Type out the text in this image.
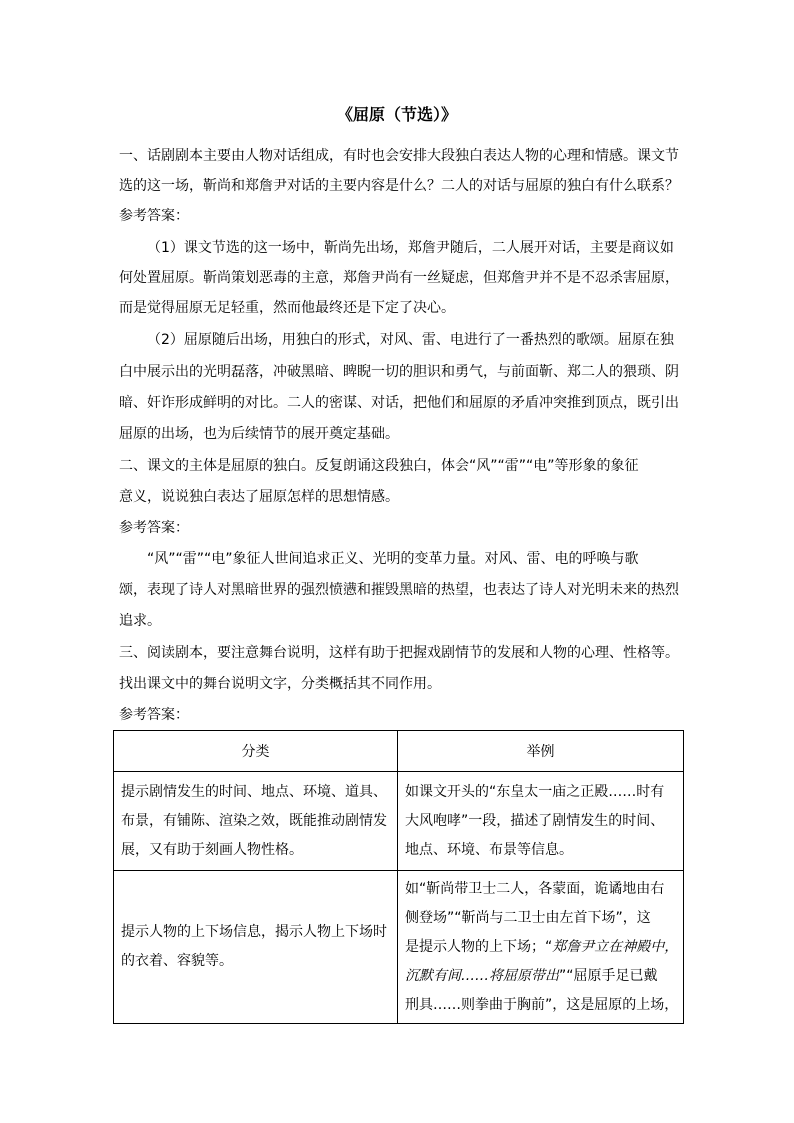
《屈原（节选）》
一、话剧剧本主要由人物对话组成，有时也会安排大段独白表达人物的心理和情感。课文节
选的这一场，靳尚和郑詹尹对话的主要内容是什么？二人的对话与屈原的独白有什么联系？
参考答案：
（1）课文节选的这一场中，靳尚先出场，郑詹尹随后，二人展开对话，主要是商议如
何处置屈原。靳尚策划恶毒的主意，郑詹尹尚有一丝疑虑，但郑詹尹并不是不忍杀害屈原，
而是觉得屈原无足轻重，然而他最终还是下定了决心。
（2）屈原随后出场，用独白的形式，对风、雷、电进行了一番热烈的歌颂。屈原在独
白中展示出的光明磊落，冲破黑暗、睥睨一切的胆识和勇气，与前面靳、郑二人的猥琐、阴
暗、奸诈形成鲜明的对比。二人的密谋、对话，把他们和屈原的矛盾冲突推到顶点，既引出
屈原的出场，也为后续情节的展开奠定基础。
二、课文的主体是屈原的独白。反复朗诵这段独白，体会“风”“雷”“电”等形象的象征
意义，说说独白表达了屈原怎样的思想情感。
参考答案：
“风”“雷”“电”象征人世间追求正义、光明的变革力量。对风、雷、电的呼唤与歌
颂，表现了诗人对黑暗世界的强烈愤懑和摧毁黑暗的热望，也表达了诗人对光明未来的热烈
追求。
三、阅读剧本，要注意舞台说明，这样有助于把握戏剧情节的发展和人物的心理、性格等。
找出课文中的舞台说明文字，分类概括其不同作用。
参考答案：
分类	举例

提示剧情发生的时间、地点、环境、道具、
布景，有铺陈、渲染之效，既能推动剧情发
展，又有助于刻画人物性格。	如课文开头的“东皇太一庙之正殿……时有
大风咆哮”一段，描述了剧情发生的时间、
地点、环境、布景等信息。

提示人物的上下场信息，揭示人物上下场时
的衣着、容貌等。	如“靳尚带卫士二人，各蒙面，诡谲地由右
侧登场”“靳尚与二卫士由左首下场”，这
是提示人物的上下场；“郑詹尹立在神殿中，
沉默有间……将屈原带出”“屈原手足已戴
刑具……则拳曲于胸前”，这是屈原的上场，
